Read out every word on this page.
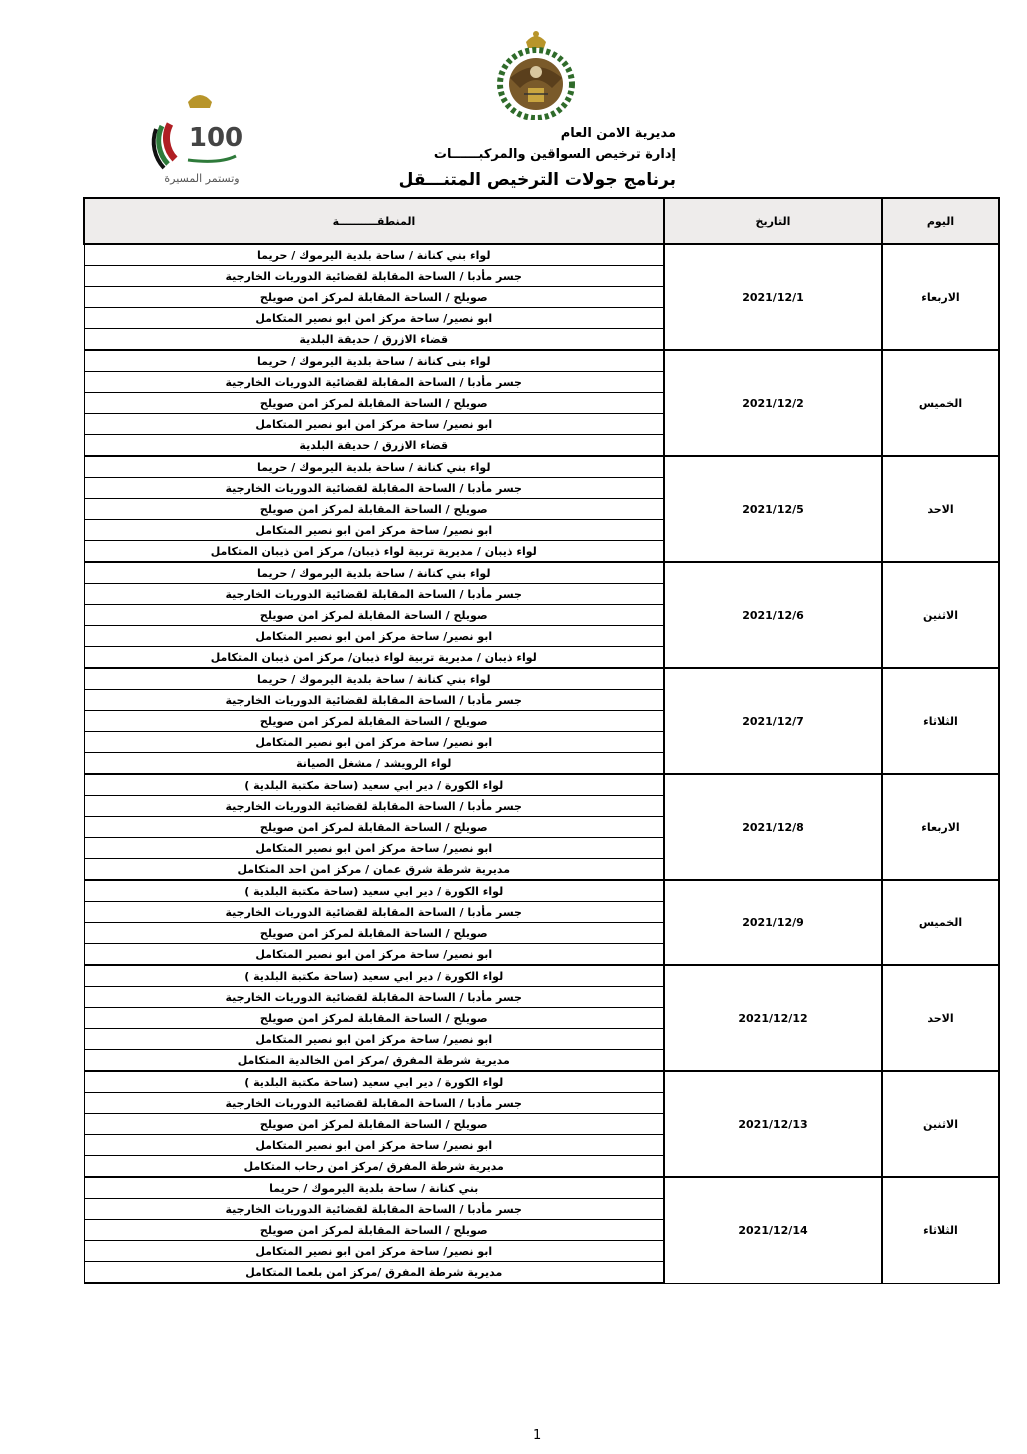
100
وتستمر المسيرة
مديرية الامن العام
إدارة ترخيص السواقين والمركبــــــات
برنامج جولات الترخيص المتنـــقل
اليوم	التاريخ	المنطقــــــــــة
الاربعاء	2021/12/1	لواء بني كنانة / ساحة بلدية اليرموك / حريما
		جسر مأدبا / الساحة المقابلة لقضائية الدوريات الخارجية
		صويلح / الساحة المقابلة لمركز امن صويلح
		ابو نصير/ ساحة مركز امن ابو نصير المتكامل
		قضاء الازرق / حديقة البلدية
الخميس	2021/12/2	لواء بنى كنانة / ساحة بلدية اليرموك / حريما
		جسر مأدبا / الساحة المقابلة لقضائية الدوريات الخارجية
		صويلح / الساحة المقابلة لمركز امن صويلح
		ابو نصير/ ساحة مركز امن ابو نصير المتكامل
		قضاء الازرق / حديقة البلدية
الاحد	2021/12/5	لواء بني كنانة / ساحة بلدية اليرموك / حريما
		جسر مأدبا / الساحة المقابلة لقضائية الدوريات الخارجية
		صويلح / الساحة المقابلة لمركز امن صويلح
		ابو نصير/ ساحة مركز امن ابو نصير المتكامل
		لواء ذيبان / مديرية تربية لواء ذيبان/ مركز امن ذيبان المتكامل
الاثنين	2021/12/6	لواء بني كنانة / ساحة بلدية اليرموك / حريما
		جسر مأدبا / الساحة المقابلة لقضائية الدوريات الخارجية
		صويلح / الساحة المقابلة لمركز امن صويلح
		ابو نصير/ ساحة مركز امن ابو نصير المتكامل
		لواء ذيبان / مديرية تربية لواء ذيبان/ مركز امن ذيبان المتكامل
الثلاثاء	2021/12/7	لواء بني كنانة / ساحة بلدية اليرموك / حريما
		جسر مأدبا / الساحة المقابلة لقضائية الدوريات الخارجية
		صويلح / الساحة المقابلة لمركز امن صويلح
		ابو نصير/ ساحة مركز امن ابو نصير المتكامل
		لواء الرويشد / مشغل الصيانة
الاربعاء	2021/12/8	لواء الكورة / دير ابي سعيد (ساحة مكتبة البلدية )
		جسر مأدبا / الساحة المقابلة لقضائية الدوريات الخارجية
		صويلح / الساحة المقابلة لمركز امن صويلح
		ابو نصير/ ساحة مركز امن ابو نصير المتكامل
		مديرية شرطة شرق عمان / مركز امن احد المتكامل
الخميس	2021/12/9	لواء الكورة / دير ابي سعيد (ساحة مكتبة البلدية )
		جسر مأدبا / الساحة المقابلة لقضائية الدوريات الخارجية
		صويلح / الساحة المقابلة لمركز امن صويلح
		ابو نصير/ ساحة مركز امن ابو نصير المتكامل
الاحد	2021/12/12	لواء الكورة / دير ابي سعيد (ساحة مكتبة البلدية )
		جسر مأدبا / الساحة المقابلة لقضائية الدوريات الخارجية
		صويلح / الساحة المقابلة لمركز امن صويلح
		ابو نصير/ ساحة مركز امن ابو نصير المتكامل
		مديرية شرطة المفرق /مركز امن الخالدية المتكامل
الاثنين	2021/12/13	لواء الكورة / دير ابي سعيد (ساحة مكتبة البلدية )
		جسر مأدبا / الساحة المقابلة لقضائية الدوريات الخارجية
		صويلح / الساحة المقابلة لمركز امن صويلح
		ابو نصير/ ساحة مركز امن ابو نصير المتكامل
		مديرية شرطة المفرق /مركز امن رحاب المتكامل
الثلاثاء	2021/12/14	بني كنانة / ساحة بلدية اليرموك / حريما
		جسر مأدبا / الساحة المقابلة لقضائية الدوريات الخارجية
		صويلح / الساحة المقابلة لمركز امن صويلح
		ابو نصير/ ساحة مركز امن ابو نصير المتكامل
		مديرية شرطة المفرق /مركز امن بلعما المتكامل
1
